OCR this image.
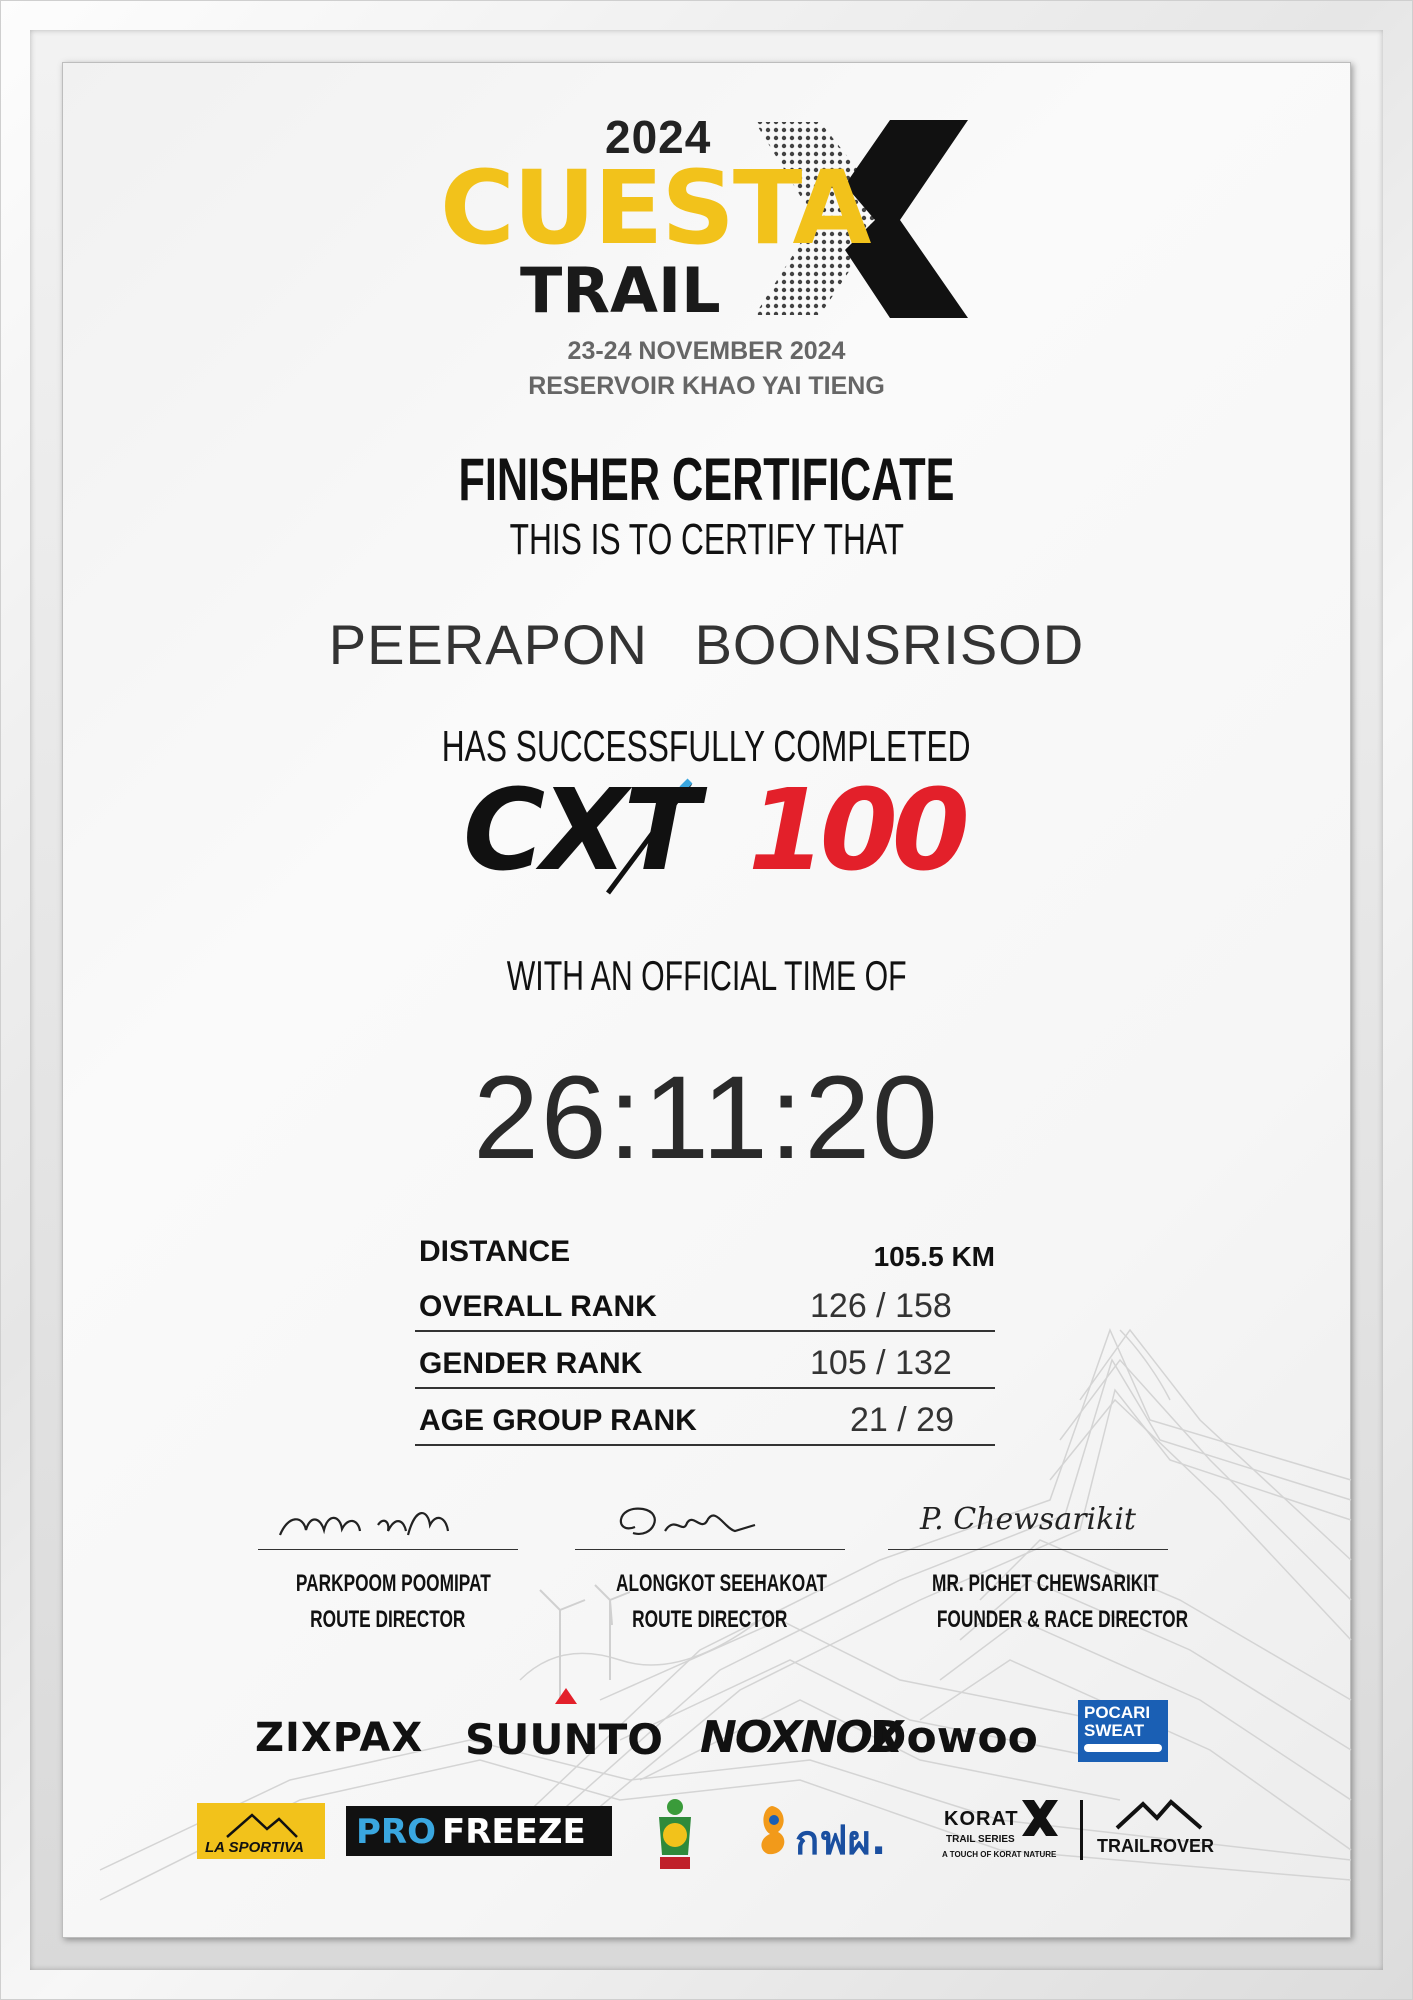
2024
CUESTA
TRAIL
23-24 NOVEMBER 2024
RESERVOIR KHAO YAI TIENG
FINISHER CERTIFICATE
THIS IS TO CERTIFY THAT
PEERAPON BOONSRISOD
HAS SUCCESSFULLY COMPLETED
CXT 100
WITH AN OFFICIAL TIME OF
26:11:20
DISTANCE	105.5 KM
OVERALL RANK	126 / 158
GENDER RANK	105 / 132
AGE GROUP RANK	21 / 29
PARKPOOM POOMIPAT
ROUTE DIRECTOR
ALONGKOT SEEHAKOAT
ROUTE DIRECTOR
P. Chewsarikit
MR. PICHET CHEWSARIKIT
FOUNDER & RACE DIRECTOR
ZIXPAX SUUNTO NOXNOX
Dowoo	POCARI
SWEAT
LA SPORTIVA PRO FREEZE	กฟผ.	KORAT
TRAIL SERIES
A TOUCH OF KORAT NATURE TRAILROVER
